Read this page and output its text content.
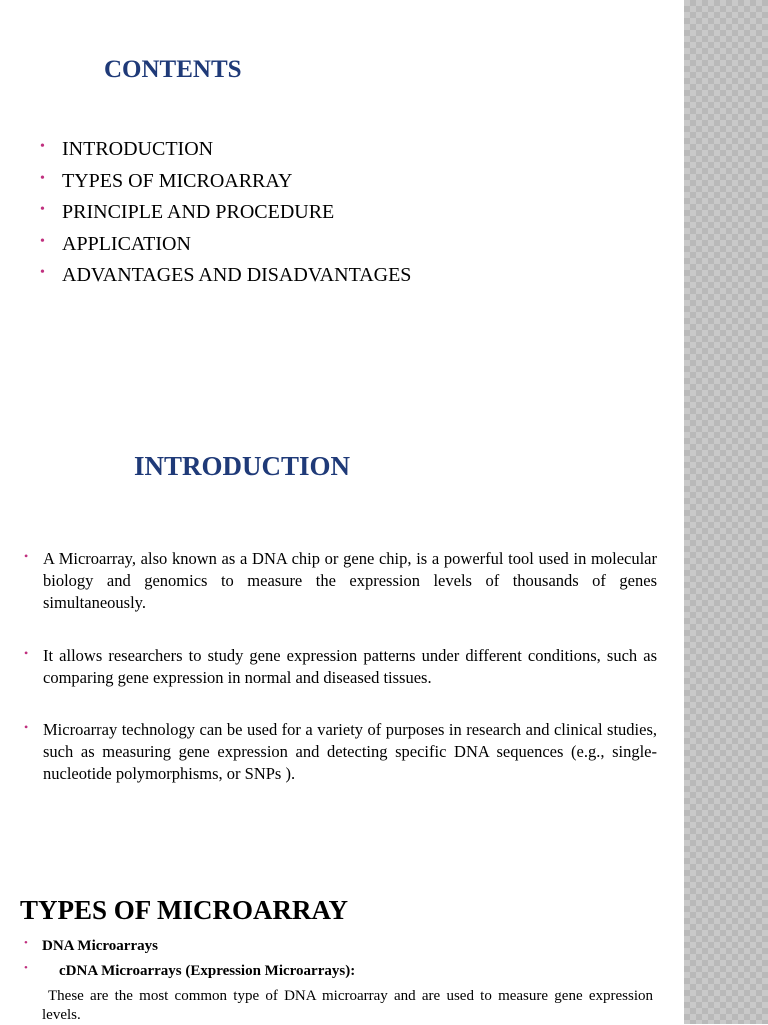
CONTENTS
• INTRODUCTION
• TYPES OF MICROARRAY
• PRINCIPLE AND PROCEDURE
• APPLICATION
• ADVANTAGES AND DISADVANTAGES
INTRODUCTION
• A Microarray, also known as a DNA chip or gene chip, is a powerful tool used in molecular biology and genomics to measure the expression levels of thousands of genes simultaneously.

• It allows researchers to study gene expression patterns under different conditions, such as comparing gene expression in normal and diseased tissues.

• Microarray technology can be used for a variety of purposes in research and clinical studies, such as measuring gene expression and detecting specific DNA sequences (e.g., single-nucleotide polymorphisms, or SNPs ).

TYPES OF MICROARRAY
• DNA Microarrays
•	cDNA Microarrays (Expression Microarrays):

These are the most common type of DNA microarray and are used to measure gene expression levels.
